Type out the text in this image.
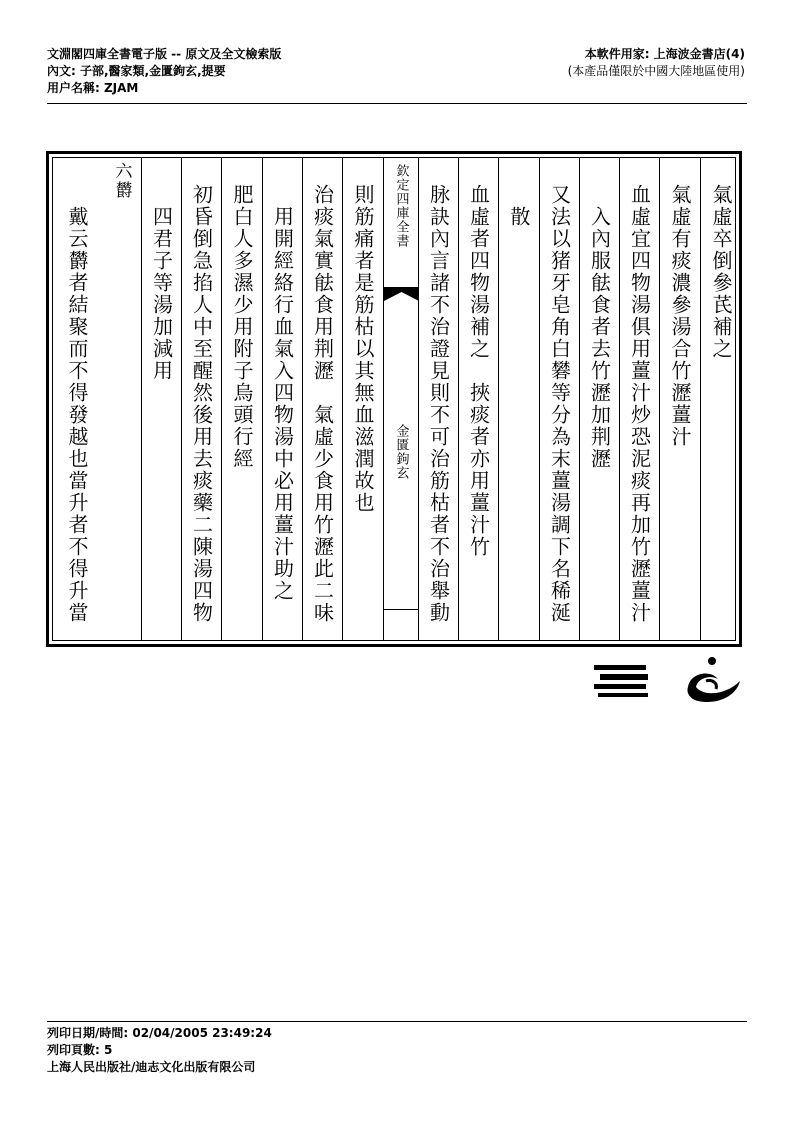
文淵閣四庫全書電子版 -- 原文及全文檢索版
內文: 子部,醫家類,金匱鉤玄,提要
用户名稱: ZJAM
本軟件用家: 上海波金書店(4)
(本產品僅限於中國大陸地區使用)
氣虛卒倒參芪補之
氣虛有痰濃參湯合竹瀝薑汁
血虛宜四物湯俱用薑汁炒恐泥痰再加竹瀝薑汁
入內服䏻食者去竹瀝加荆瀝
又法以猪牙皂角白礬等分為末薑湯調下名稀涎
散
血虛者四物湯補之　挾痰者亦用薑汁竹
脉訣內言諸不治證見則不可治筋枯者不治舉動
欽定四庫全書
金匱鉤玄
則筋痛者是筋枯以其無血滋潤故也
治痰氣實䏻食用荆瀝　氣虛少食用竹瀝此二味
用開經絡行血氣入四物湯中必用薑汁助之
肥白人多濕少用附子烏頭行經
初昏倒急掐人中至醒然後用去痰藥二陳湯四物
四君子等湯加減用
六欝
戴云欝者結聚而不得發越也當升者不得升當
列印日期/時間: 02/04/2005 23:49:24
列印頁數: 5
上海人民出版社/迪志文化出版有限公司
